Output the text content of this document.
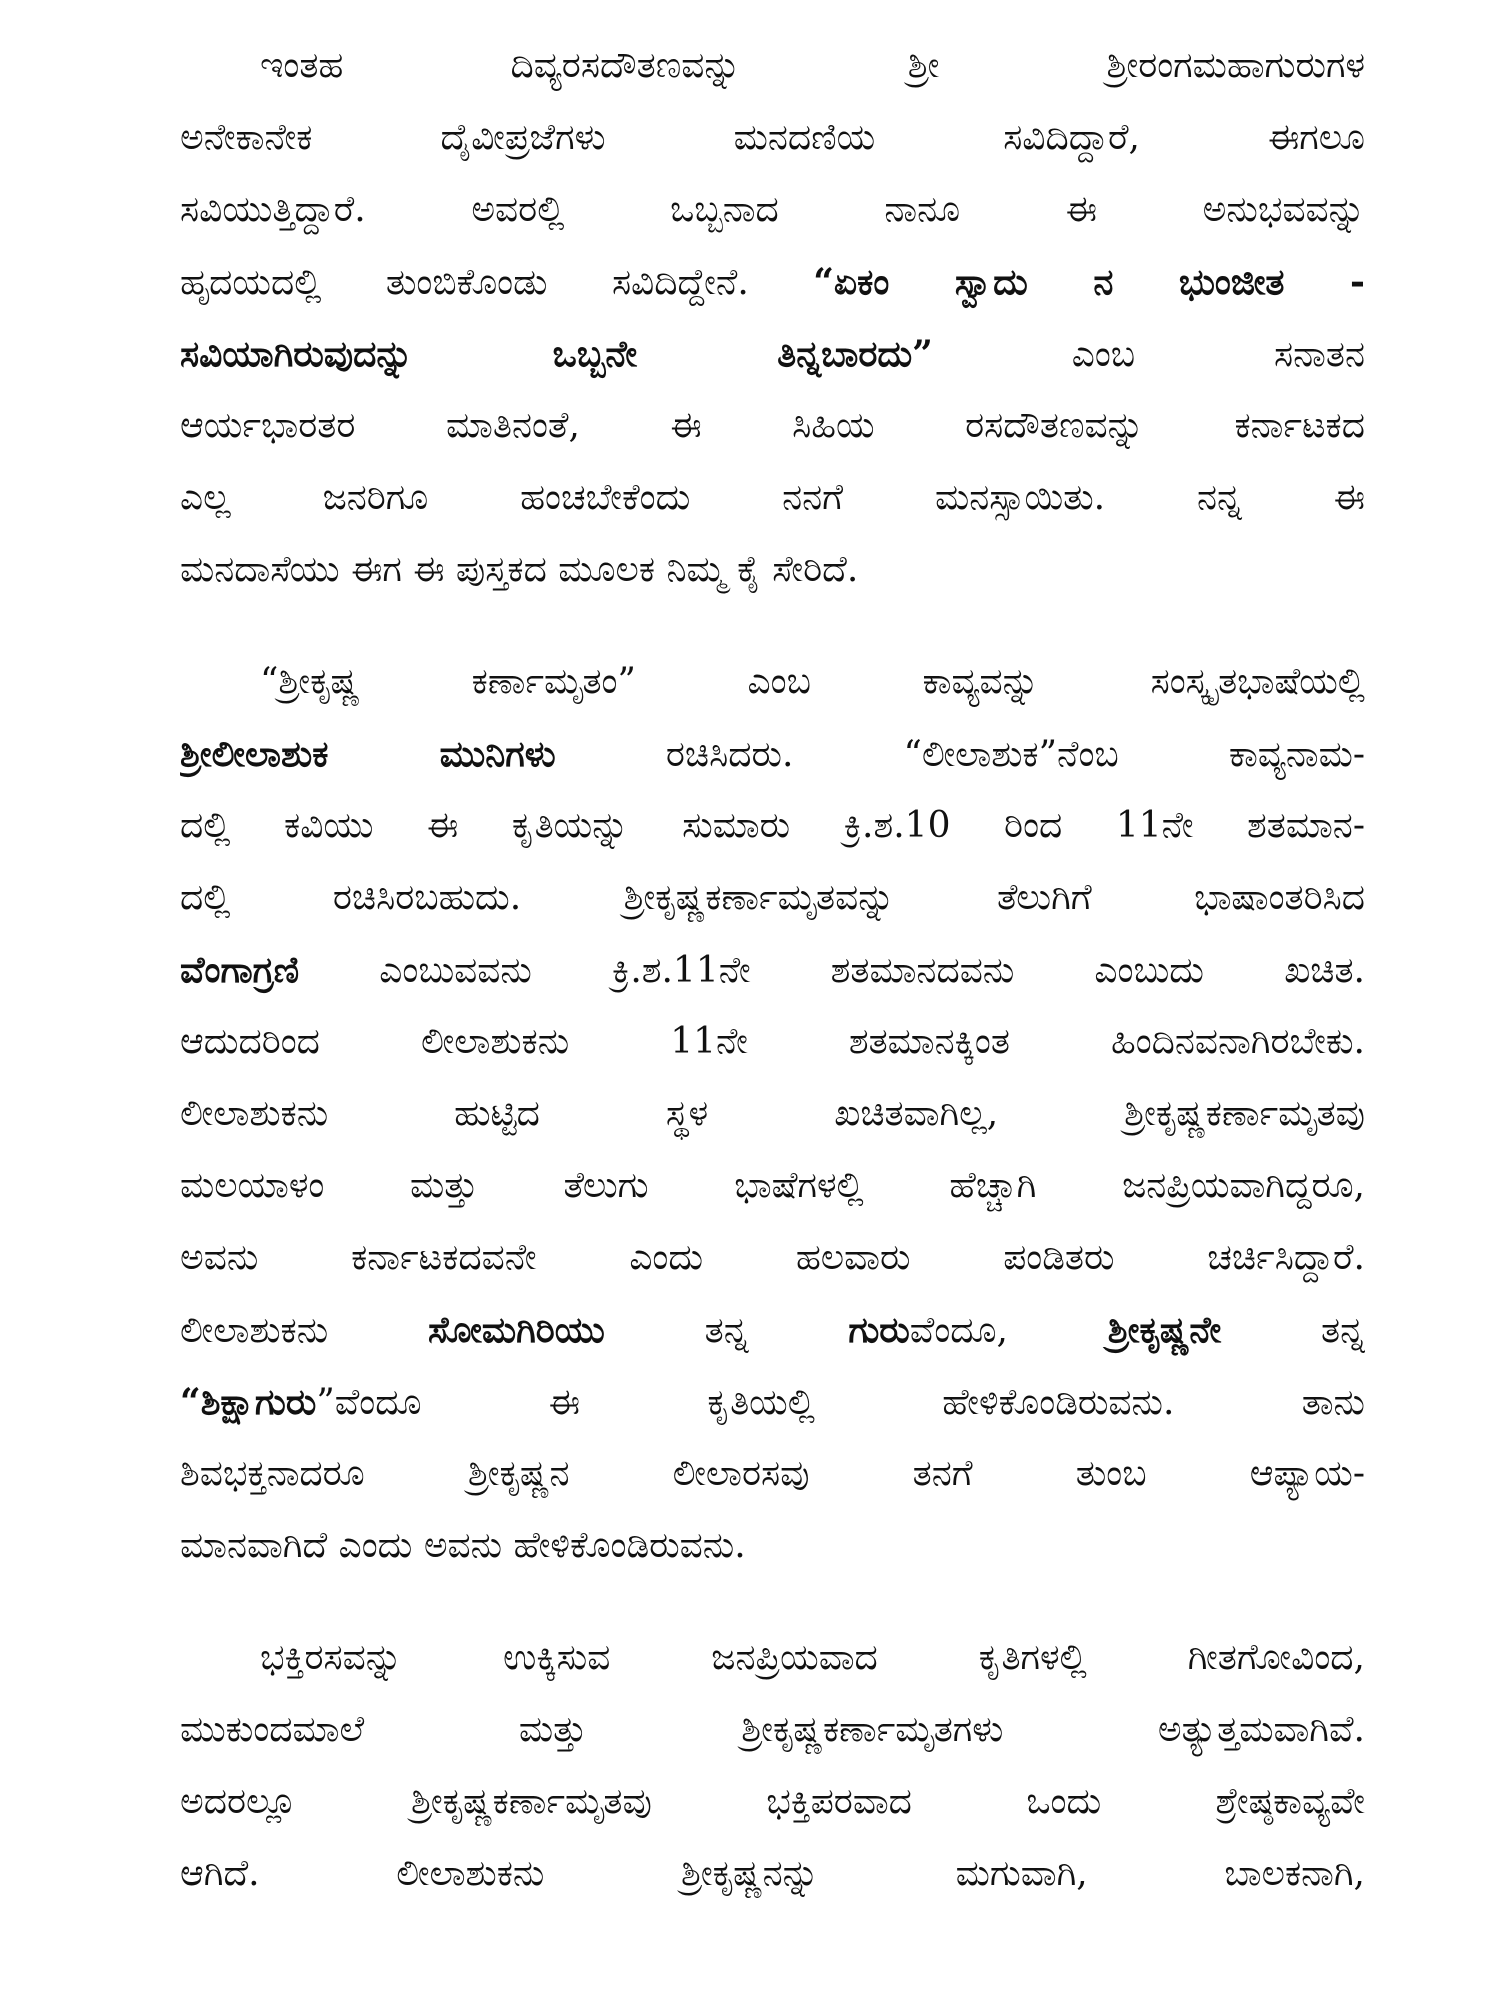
ಇಂತಹ ದಿವ್ಯರಸದೌತಣವನ್ನು ಶ್ರೀ ಶ್ರೀರಂಗಮಹಾಗುರುಗಳ
ಅನೇಕಾನೇಕ ದೈವೀಪ್ರಜೆಗಳು ಮನದಣಿಯ ಸವಿದಿದ್ದಾರೆ, ಈಗಲೂ
ಸವಿಯುತ್ತಿದ್ದಾರೆ. ಅವರಲ್ಲಿ ಒಬ್ಬನಾದ ನಾನೂ ಈ ಅನುಭವವನ್ನು
ಹೃದಯದಲ್ಲಿ ತುಂಬಿಕೊಂಡು ಸವಿದಿದ್ದೇನೆ. “ಏಕಂ ಸ್ವಾದು ನ ಭುಂಜೀತ -
ಸವಿಯಾಗಿರುವುದನ್ನು ಒಬ್ಬನೇ ತಿನ್ನಬಾರದು” ಎಂಬ ಸನಾತನ
ಆರ್ಯಭಾರತರ ಮಾತಿನಂತೆ, ಈ ಸಿಹಿಯ ರಸದೌತಣವನ್ನು ಕರ್ನಾಟಕದ
ಎಲ್ಲ ಜನರಿಗೂ ಹಂಚಬೇಕೆಂದು ನನಗೆ ಮನಸ್ಸಾಯಿತು. ನನ್ನ ಈ
ಮನದಾಸೆಯು ಈಗ ಈ ಪುಸ್ತಕದ ಮೂಲಕ ನಿಮ್ಮ ಕೈ ಸೇರಿದೆ.
“ಶ್ರೀಕೃಷ್ಣ ಕರ್ಣಾಮೃತಂ” ಎಂಬ ಕಾವ್ಯವನ್ನು ಸಂಸ್ಕೃತಭಾಷೆಯಲ್ಲಿ
ಶ್ರೀಲೀಲಾಶುಕ ಮುನಿಗಳು ರಚಿಸಿದರು. “ಲೀಲಾಶುಕ”ನೆಂಬ ಕಾವ್ಯನಾಮ-
ದಲ್ಲಿ ಕವಿಯು ಈ ಕೃತಿಯನ್ನು ಸುಮಾರು ಕ್ರಿ.ಶ.10 ರಿಂದ 11ನೇ ಶತಮಾನ-
ದಲ್ಲಿ ರಚಿಸಿರಬಹುದು. ಶ್ರೀಕೃಷ್ಣಕರ್ಣಾಮೃತವನ್ನು ತೆಲುಗಿಗೆ ಭಾಷಾಂತರಿಸಿದ
ವೆಂಗಾಗ್ರಣಿ ಎಂಬುವವನು ಕ್ರಿ.ಶ.11ನೇ ಶತಮಾನದವನು ಎಂಬುದು ಖಚಿತ.
ಆದುದರಿಂದ ಲೀಲಾಶುಕನು 11ನೇ ಶತಮಾನಕ್ಕಿಂತ ಹಿಂದಿನವನಾಗಿರಬೇಕು.
ಲೀಲಾಶುಕನು ಹುಟ್ಟಿದ ಸ್ಥಳ ಖಚಿತವಾಗಿಲ್ಲ, ಶ್ರೀಕೃಷ್ಣಕರ್ಣಾಮೃತವು
ಮಲಯಾಳಂ ಮತ್ತು ತೆಲುಗು ಭಾಷೆಗಳಲ್ಲಿ ಹೆಚ್ಚಾಗಿ ಜನಪ್ರಿಯವಾಗಿದ್ದರೂ,
ಅವನು ಕರ್ನಾಟಕದವನೇ ಎಂದು ಹಲವಾರು ಪಂಡಿತರು ಚರ್ಚಿಸಿದ್ದಾರೆ.
ಲೀಲಾಶುಕನು ಸೋಮಗಿರಿಯು ತನ್ನ ಗುರುವೆಂದೂ, ಶ್ರೀಕೃಷ್ಣನೇ ತನ್ನ
“ಶಿಕ್ಷಾಗುರು”ವೆಂದೂ ಈ ಕೃತಿಯಲ್ಲಿ ಹೇಳಿಕೊಂಡಿರುವನು. ತಾನು
ಶಿವಭಕ್ತನಾದರೂ ಶ್ರೀಕೃಷ್ಣನ ಲೀಲಾರಸವು ತನಗೆ ತುಂಬ ಆಪ್ಯಾಯ-
ಮಾನವಾಗಿದೆ ಎಂದು ಅವನು ಹೇಳಿಕೊಂಡಿರುವನು.
ಭಕ್ತಿರಸವನ್ನು ಉಕ್ಕಿಸುವ ಜನಪ್ರಿಯವಾದ ಕೃತಿಗಳಲ್ಲಿ ಗೀತಗೋವಿಂದ,
ಮುಕುಂದಮಾಲೆ ಮತ್ತು ಶ್ರೀಕೃಷ್ಣಕರ್ಣಾಮೃತಗಳು ಅತ್ಯುತ್ತಮವಾಗಿವೆ.
ಅದರಲ್ಲೂ ಶ್ರೀಕೃಷ್ಣಕರ್ಣಾಮೃತವು ಭಕ್ತಿಪರವಾದ ಒಂದು ಶ್ರೇಷ್ಠಕಾವ್ಯವೇ
ಆಗಿದೆ. ಲೀಲಾಶುಕನು ಶ್ರೀಕೃಷ್ಣನನ್ನು ಮಗುವಾಗಿ, ಬಾಲಕನಾಗಿ,
